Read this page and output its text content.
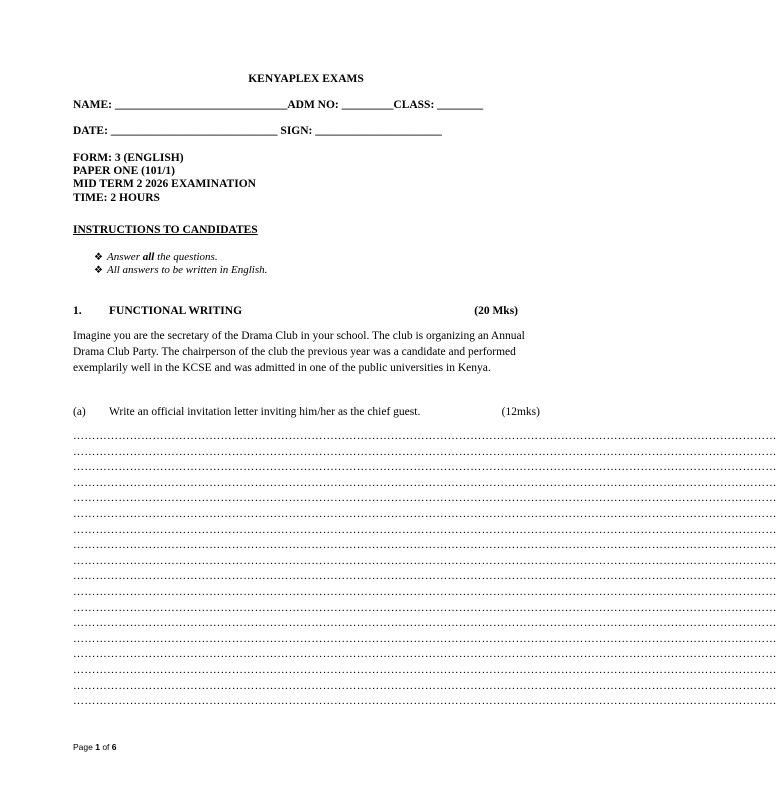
KENYAPLEX EXAMS
NAME: ______________________________ADM NO: _________CLASS: ________
DATE: _____________________________ SIGN: ______________________
FORM: 3 (ENGLISH)
PAPER ONE (101/1)
MID TERM 2 2026 EXAMINATION
TIME: 2 HOURS
INSTRUCTIONS TO CANDIDATES
❖ Answer all the questions.
❖ All answers to be written in English.
1. FUNCTIONAL WRITING	(20 Mks)
Imagine you are the secretary of the Drama Club in your school. The club is organizing an Annual Drama Club Party. The chairperson of the club the previous year was a candidate and performed exemplarily well in the KCSE and was admitted in one of the public universities in Kenya.
(a) Write an official invitation letter inviting him/her as the chief guest.	(12mks)
……………………………………………………………………………………………………………………………………………………………………
……………………………………………………………………………………………………………………………………………………………………
……………………………………………………………………………………………………………………………………………………………………
……………………………………………………………………………………………………………………………………………………………………
……………………………………………………………………………………………………………………………………………………………………
……………………………………………………………………………………………………………………………………………………………………
……………………………………………………………………………………………………………………………………………………………………
……………………………………………………………………………………………………………………………………………………………………
……………………………………………………………………………………………………………………………………………………………………
……………………………………………………………………………………………………………………………………………………………………
……………………………………………………………………………………………………………………………………………………………………
……………………………………………………………………………………………………………………………………………………………………
……………………………………………………………………………………………………………………………………………………………………
……………………………………………………………………………………………………………………………………………………………………
……………………………………………………………………………………………………………………………………………………………………
……………………………………………………………………………………………………………………………………………………………………
……………………………………………………………………………………………………………………………………………………………………
……………………………………………………………………………………………………………………………………………………………………
Page 1 of 6
